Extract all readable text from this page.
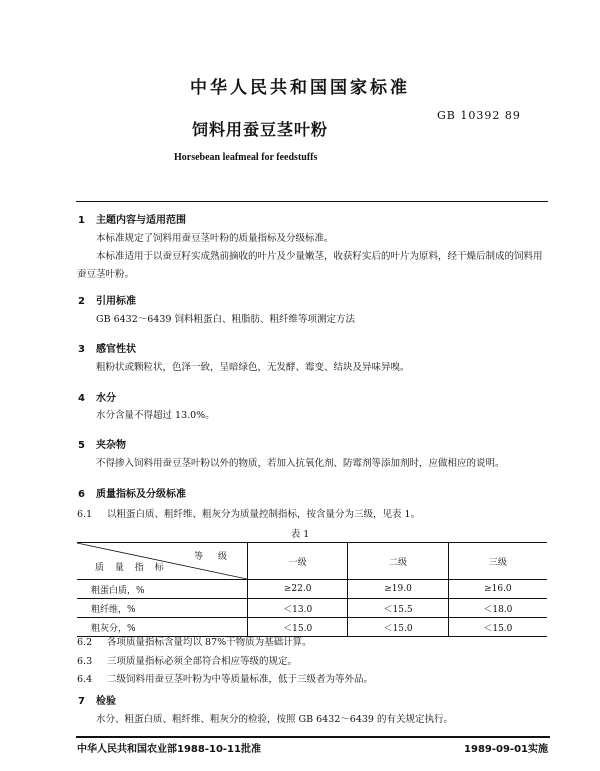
中华人民共和国国家标准
GB 10392 89
饲料用蚕豆茎叶粉
Horsebean leafmeal for feedstuffs
1 主题内容与适用范围
本标准规定了饲料用蚕豆茎叶粉的质量指标及分级标准。
本标准适用于以蚕豆籽实成熟前摘收的叶片及少量嫩茎，收获籽实后的叶片为原料，经干燥后制成的饲料用蚕豆茎叶粉。
2 引用标准
GB 6432～6439 饲料粗蛋白、粗脂肪、粗纤维等项测定方法
3 感官性状
粗粉状或颗粒状，色泽一致，呈暗绿色，无发酵、霉变、结块及异味异嗅。
4 水分
水分含量不得超过 13.0%。
5 夹杂物
不得掺入饲料用蚕豆茎叶粉以外的物质，若加入抗氧化剂、防霉剂等添加剂时，应做相应的说明。
6 质量指标及分级标准
6.1 以粗蛋白质、粗纤维、粗灰分为质量控制指标，按含量分为三级，见表 1。
表 1
等 级
质 量 指 标	一级	二级	三级
粗蛋白质，%	≥22.0	≥19.0	≥16.0
粗纤维，%	＜13.0	＜15.5	＜18.0
粗灰分，%	＜15.0	＜15.0	＜15.0
6.2 各项质量指标含量均以 87%干物质为基础计算。
6.3 三项质量指标必须全部符合相应等级的规定。
6.4 二级饲料用蚕豆茎叶粉为中等质量标准，低于三级者为等外品。
7 检验
水分、粗蛋白质、粗纤维、粗灰分的检验，按照 GB 6432～6439 的有关规定执行。
中华人民共和国农业部1988-10-11批准	1989-09-01实施
